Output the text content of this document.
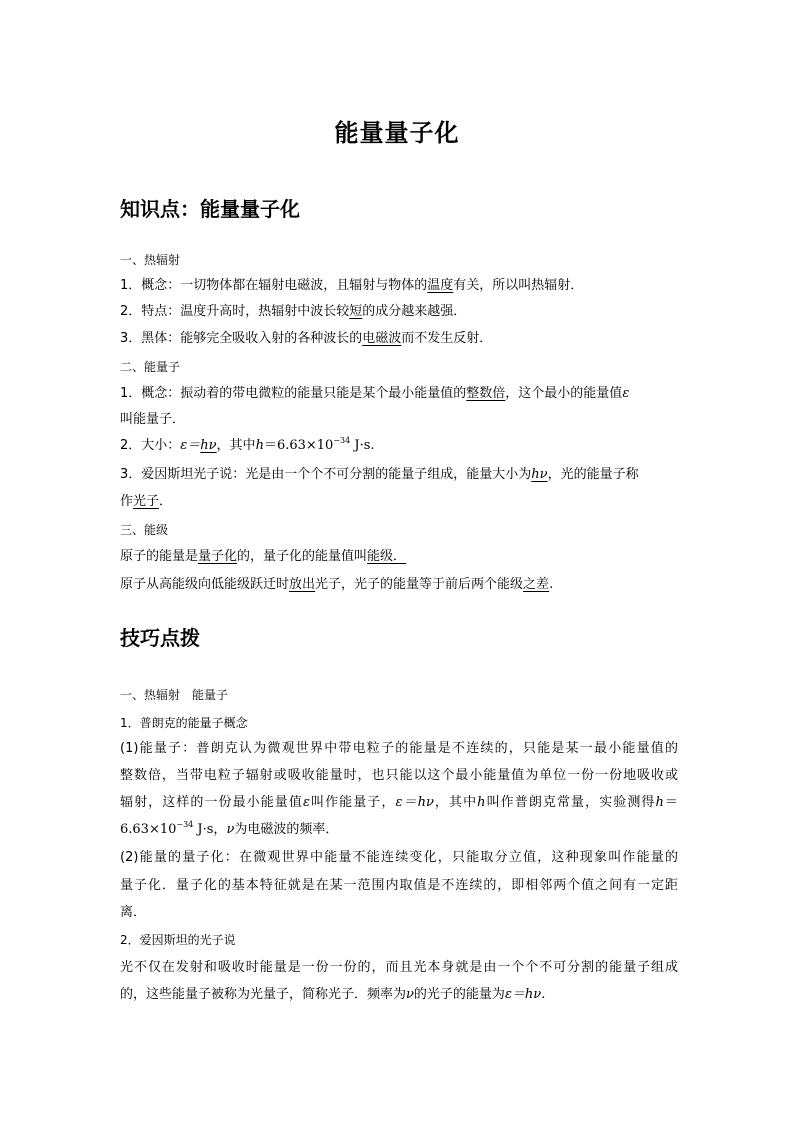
能量量子化
知识点：能量量子化
一、热辐射
1．概念：一切物体都在辐射电磁波，且辐射与物体的温度有关，所以叫热辐射．
2．特点：温度升高时，热辐射中波长较短的成分越来越强．
3．黑体：能够完全吸收入射的各种波长的电磁波而不发生反射．
二、能量子
1．概念：振动着的带电微粒的能量只能是某个最小能量值的整数倍，这个最小的能量值ε
叫能量子．
2．大小：ε＝hν，其中$h=6.63\times 10^{-34}$ J·s.
3．爱因斯坦光子说：光是由一个个不可分割的能量子组成，能量大小为hν，光的能量子称
作光子．
三、能级
原子的能量是量子化的，量子化的能量值叫能级．
原子从高能级向低能级跃迁时放出光子，光子的能量等于前后两个能级之差.
技巧点拨
一、热辐射　能量子
1．普朗克的能量子概念
(1)能量子：普朗克认为微观世界中带电粒子的能量是不连续的，只能是某一最小能量值的
整数倍，当带电粒子辐射或吸收能量时，也只能以这个最小能量值为单位一份一份地吸收或
辐射，这样的一份最小能量值ε叫作能量子，ε＝hν，其中h叫作普朗克常量，实验测得h＝
$6.63\times 10^{-34}$ J·s，ν为电磁波的频率．
(2)能量的量子化：在微观世界中能量不能连续变化，只能取分立值，这种现象叫作能量的
量子化．量子化的基本特征就是在某一范围内取值是不连续的，即相邻两个值之间有一定距
离．
2．爱因斯坦的光子说
光不仅在发射和吸收时能量是一份一份的，而且光本身就是由一个个不可分割的能量子组成
的，这些能量子被称为光量子，简称光子．频率为ν的光子的能量为ε＝hν.
